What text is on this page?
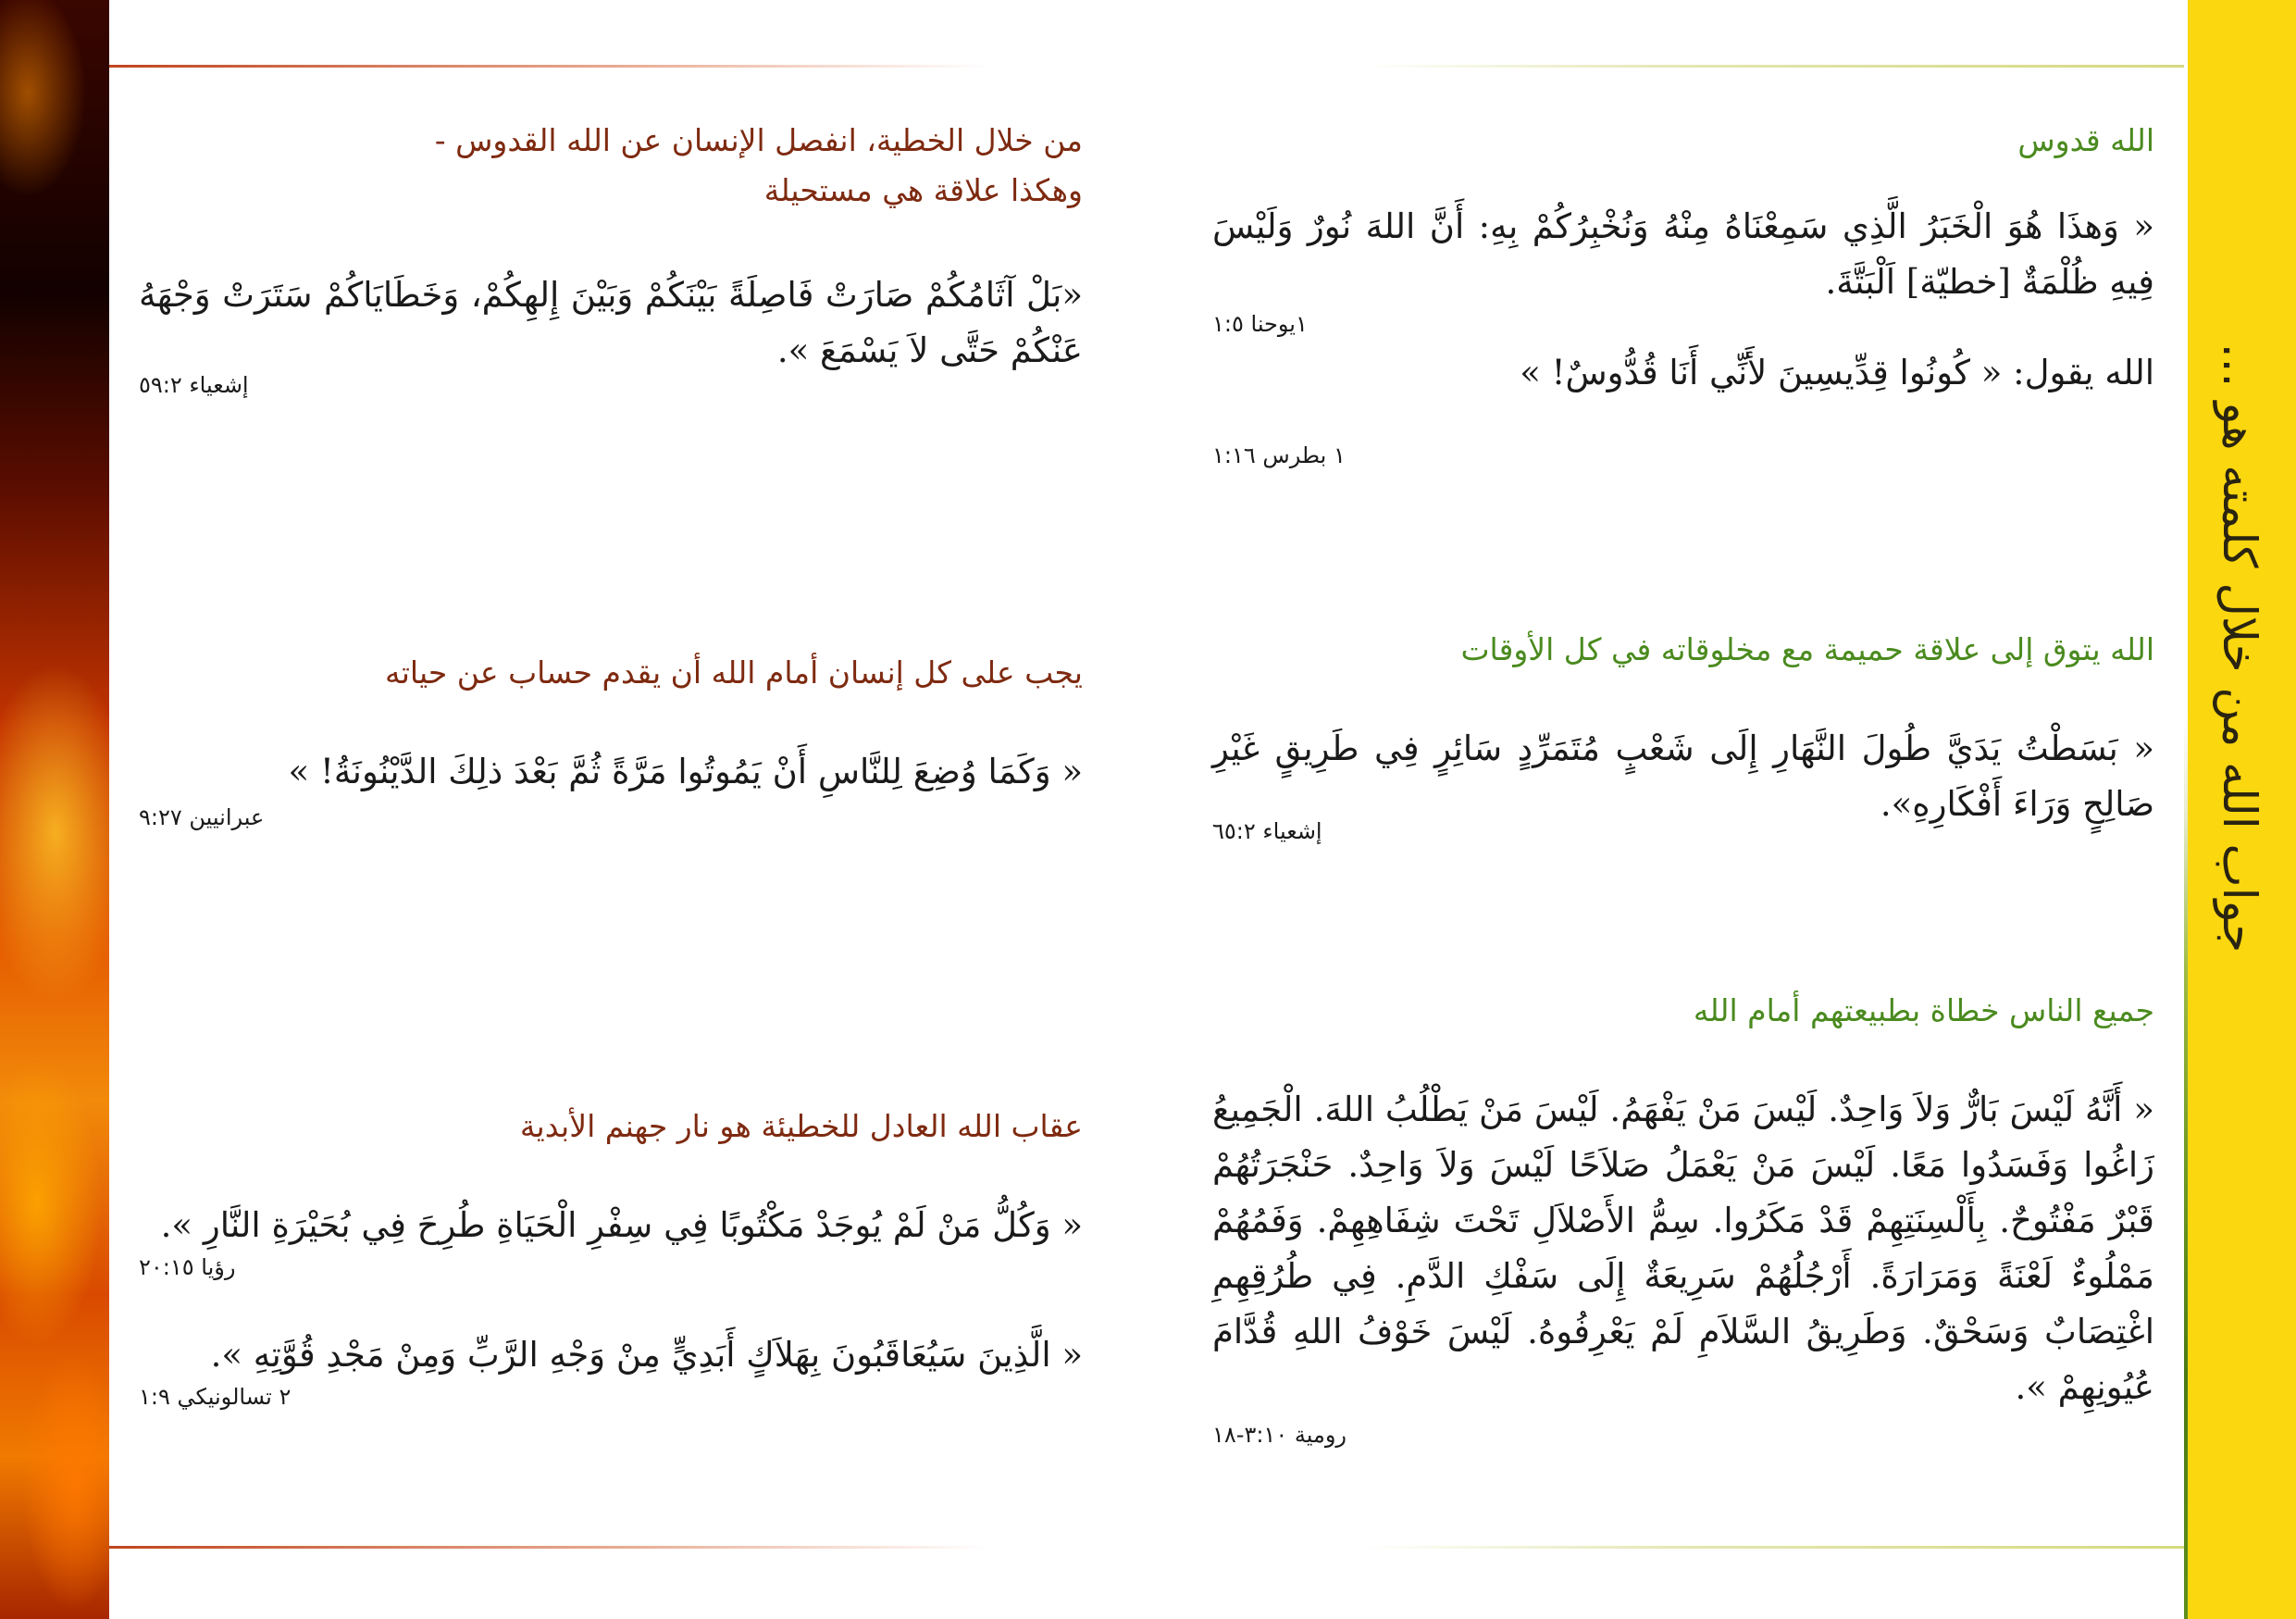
جواب الله من خلال كلمته هو ...
الله قدوس
« وَهذَا هُوَ الْخَبَرُ الَّذِي سَمِعْنَاهُ مِنْهُ وَنُخْبِرُكُمْ بِهِ: أَنَّ اللهَ نُورٌ وَلَيْسَ فِيهِ ظُلْمَةٌ [خطيّة] اَلْبَتَّةَ.
١يوحنا ١:٥
الله يقول: « كُونُوا قِدِّيسِينَ لأَنِّي أَنَا قُدُّوسٌ! »
١ بطرس ١:١٦
الله يتوق إلى علاقة حميمة مع مخلوقاته في كل الأوقات
« بَسَطْتُ يَدَيَّ طُولَ النَّهَارِ إِلَى شَعْبٍ مُتَمَرِّدٍ سَائِرٍ فِي طَرِيقٍ غَيْرِ صَالِحٍ وَرَاءَ أَفْكَارِهِ».
إشعياء ٦٥:٢
جميع الناس خطاة بطبيعتهم أمام الله
« أَنَّهُ لَيْسَ بَارٌّ وَلاَ وَاحِدٌ. لَيْسَ مَنْ يَفْهَمُ. لَيْسَ مَنْ يَطْلُبُ اللهَ. الْجَمِيعُ زَاغُوا وَفَسَدُوا مَعًا. لَيْسَ مَنْ يَعْمَلُ صَلاَحًا لَيْسَ وَلاَ وَاحِدٌ. حَنْجَرَتُهُمْ قَبْرٌ مَفْتُوحٌ. بِأَلْسِنَتِهِمْ قَدْ مَكَرُوا. سِمُّ الأَصْلاَلِ تَحْتَ شِفَاهِهِمْ. وَفَمُهُمْ مَمْلُوءٌ لَعْنَةً وَمَرَارَةً. أَرْجُلُهُمْ سَرِيعَةٌ إِلَى سَفْكِ الدَّمِ. فِي طُرُقِهِمِ اغْتِصَابٌ وَسَحْقٌ. وَطَرِيقُ السَّلاَمِ لَمْ يَعْرِفُوهُ. لَيْسَ خَوْفُ اللهِ قُدَّامَ عُيُونِهِمْ ».
رومية ٣:١٠-١٨
من خلال الخطية، انفصل الإنسان عن الله القدوس -
وهكذا علاقة هي مستحيلة
«بَلْ آثَامُكُمْ صَارَتْ فَاصِلَةً بَيْنَكُمْ وَبَيْنَ إِلهِكُمْ، وَخَطَايَاكُمْ سَتَرَتْ وَجْهَهُ عَنْكُمْ حَتَّى لاَ يَسْمَعَ ».
إشعياء ٥٩:٢
يجب على كل إنسان أمام الله أن يقدم حساب عن حياته
« وَكَمَا وُضِعَ لِلنَّاسِ أَنْ يَمُوتُوا مَرَّةً ثُمَّ بَعْدَ ذلِكَ الدَّيْنُونَةُ! »
عبرانيين ٩:٢٧
عقاب الله العادل للخطيئة هو نار جهنم الأبدية
« وَكُلُّ مَنْ لَمْ يُوجَدْ مَكْتُوبًا فِي سِفْرِ الْحَيَاةِ طُرِحَ فِي بُحَيْرَةِ النَّارِ ».
رؤيا ٢٠:١٥
« الَّذِينَ سَيُعَاقَبُونَ بِهَلاَكٍ أَبَدِيٍّ مِنْ وَجْهِ الرَّبِّ وَمِنْ مَجْدِ قُوَّتِهِ ».
٢ تسالونيكي ١:٩
